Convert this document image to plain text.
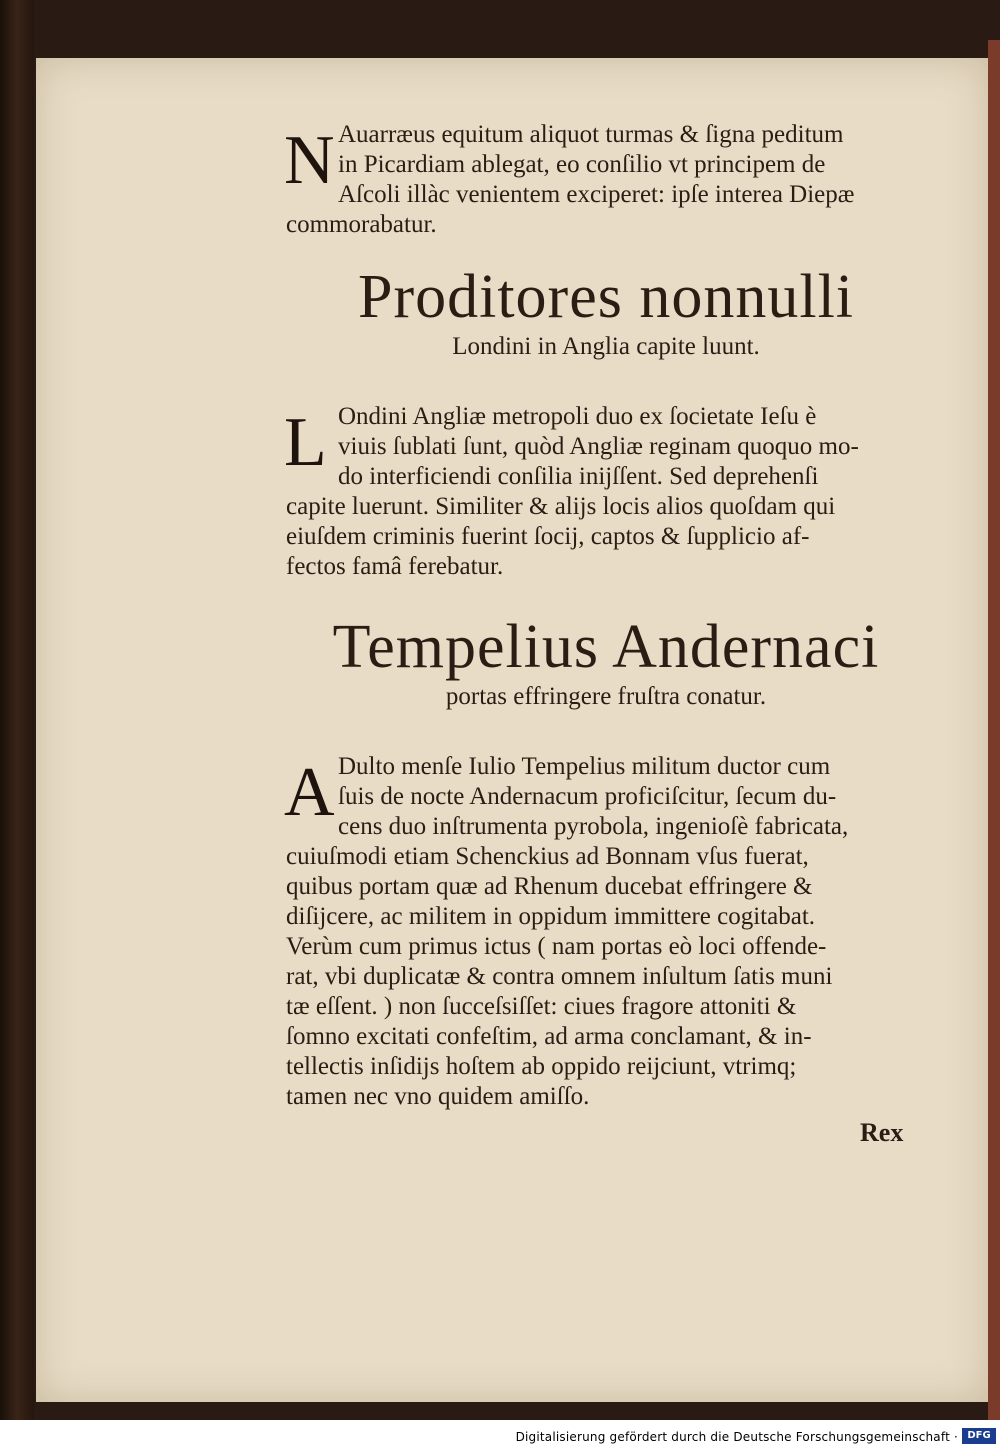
N Auarræus equitum aliquot turmas & ſigna peditum
in Picardiam ablegat, eo conſilio vt principem de
Aſcoli illàc venientem exciperet: ipſe interea Diepæ
commorabatur.
Proditores nonnulli
Londini in Anglia capite luunt.
L Ondini Angliæ metropoli duo ex ſocietate Ieſu è
viuis ſublati ſunt, quòd Angliæ reginam quoquo mo-
do interficiendi conſilia inijſſent. Sed deprehenſi
capite luerunt. Similiter & alijs locis alios quoſdam qui
eiuſdem criminis fuerint ſocij, captos & ſupplicio af-
fectos famâ ferebatur.
Tempelius Andernaci
portas effringere fruſtra conatur.
A Dulto menſe Iulio Tempelius militum ductor cum
ſuis de nocte Andernacum proficiſcitur, ſecum du-
cens duo inſtrumenta pyrobola, ingenioſè fabricata,
cuiuſmodi etiam Schenckius ad Bonnam vſus fuerat,
quibus portam quæ ad Rhenum ducebat effringere &
diſijcere, ac militem in oppidum immittere cogitabat.
Verùm cum primus ictus ( nam portas eò loci offende-
rat, vbi duplicatæ & contra omnem inſultum ſatis muni
tæ eſſent. ) non ſucceſsiſſet: ciues fragore attoniti &
ſomno excitati confeſtim, ad arma conclamant, & in-
tellectis inſidijs hoſtem ab oppido reijciunt, vtrimq;
tamen nec vno quidem amiſſo.
Rex
Digitalisierung gefördert durch die Deutsche Forschungsgemeinschaft · DFG
